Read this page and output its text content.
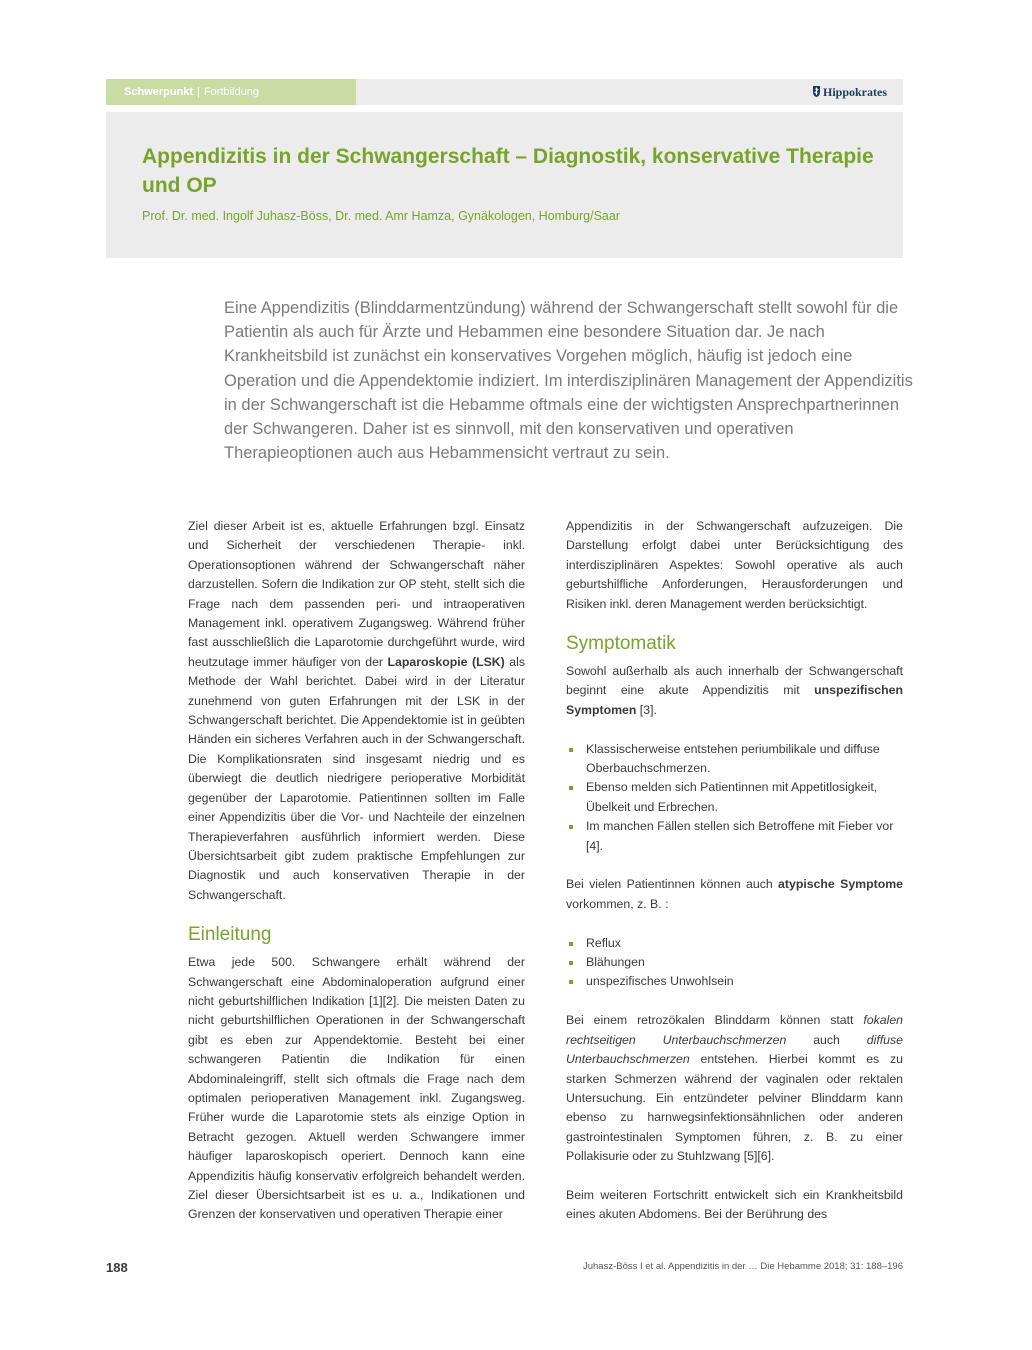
Schwerpunkt | Fortbildung	Hippokrates
Appendizitis in der Schwangerschaft – Diagnostik, konservative Therapie und OP

Prof. Dr. med. Ingolf Juhasz-Böss, Dr. med. Amr Hamza, Gynäkologen, Homburg/Saar

Eine Appendizitis (Blinddarmentzündung) während der Schwangerschaft stellt sowohl für die Patientin als auch für Ärzte und Hebammen eine besondere Situation dar. Je nach Krankheitsbild ist zunächst ein konservatives Vorgehen möglich, häufig ist jedoch eine Operation und die Appendektomie indiziert. Im interdisziplinären Management der Appendizitis in der Schwangerschaft ist die Hebamme oftmals eine der wichtigsten Ansprechpartnerinnen der Schwangeren. Daher ist es sinnvoll, mit den konservativen und operativen Therapieoptionen auch aus Hebammensicht vertraut zu sein.

Ziel dieser Arbeit ist es, aktuelle Erfahrungen bzgl. Einsatz und Sicherheit der verschiedenen Therapie- inkl. Operationsoptionen während der Schwangerschaft näher darzustellen. Sofern die Indikation zur OP steht, stellt sich die Frage nach dem passenden peri- und intraoperativen Management inkl. operativem Zugangsweg. Während früher fast ausschließlich die Laparotomie durchgeführt wurde, wird heutzutage immer häufiger von der Laparoskopie (LSK) als Methode der Wahl berichtet. Dabei wird in der Literatur zunehmend von guten Erfahrungen mit der LSK in der Schwangerschaft berichtet. Die Appendektomie ist in geübten Händen ein sicheres Verfahren auch in der Schwangerschaft. Die Komplikationsraten sind insgesamt niedrig und es überwiegt die deutlich niedrigere perioperative Morbidität gegenüber der Laparotomie. Patientinnen sollten im Falle einer Appendizitis über die Vor- und Nachteile der einzelnen Therapieverfahren ausführlich informiert werden. Diese Übersichtsarbeit gibt zudem praktische Empfehlungen zur Diagnostik und auch konservativen Therapie in der Schwangerschaft.

Einleitung

Etwa jede 500. Schwangere erhält während der Schwangerschaft eine Abdominaloperation aufgrund einer nicht geburtshilflichen Indikation [1][2]. Die meisten Daten zu nicht geburtshilflichen Operationen in der Schwangerschaft gibt es eben zur Appendektomie. Besteht bei einer schwangeren Patientin die Indikation für einen Abdominaleingriff, stellt sich oftmals die Frage nach dem optimalen perioperativen Management inkl. Zugangsweg. Früher wurde die Laparotomie stets als einzige Option in Betracht gezogen. Aktuell werden Schwangere immer häufiger laparoskopisch operiert. Dennoch kann eine Appendizitis häufig konservativ erfolgreich behandelt werden. Ziel dieser Übersichtsarbeit ist es u. a., Indikationen und Grenzen der konservativen und operativen Therapie einer

Appendizitis in der Schwangerschaft aufzuzeigen. Die Darstellung erfolgt dabei unter Berücksichtigung des interdisziplinären Aspektes: Sowohl operative als auch geburtshilfliche Anforderungen, Herausforderungen und Risiken inkl. deren Management werden berücksichtigt.

Symptomatik

Sowohl außerhalb als auch innerhalb der Schwangerschaft beginnt eine akute Appendizitis mit unspezifischen Symptomen [3].

Klassischerweise entstehen periumbilikale und diffuse Oberbauchschmerzen.
Ebenso melden sich Patientinnen mit Appetitlosigkeit, Übelkeit und Erbrechen.
Im manchen Fällen stellen sich Betroffene mit Fieber vor [4].

Bei vielen Patientinnen können auch atypische Symptome vorkommen, z. B. :

Reflux
Blähungen
unspezifisches Unwohlsein

Bei einem retrozökalen Blinddarm können statt fokalen rechtseitigen Unterbauchschmerzen auch diffuse Unterbauchschmerzen entstehen. Hierbei kommt es zu starken Schmerzen während der vaginalen oder rektalen Untersuchung. Ein entzündeter pelviner Blinddarm kann ebenso zu harnwegsinfektionsähnlichen oder anderen gastrointestinalen Symptomen führen, z. B. zu einer Pollakisurie oder zu Stuhlzwang [5][6].

Beim weiteren Fortschritt entwickelt sich ein Krankheitsbild eines akuten Abdomens. Bei der Berührung des

188	Juhasz-Böss I et al. Appendizitis in der … Die Hebamme 2018; 31: 188–196
